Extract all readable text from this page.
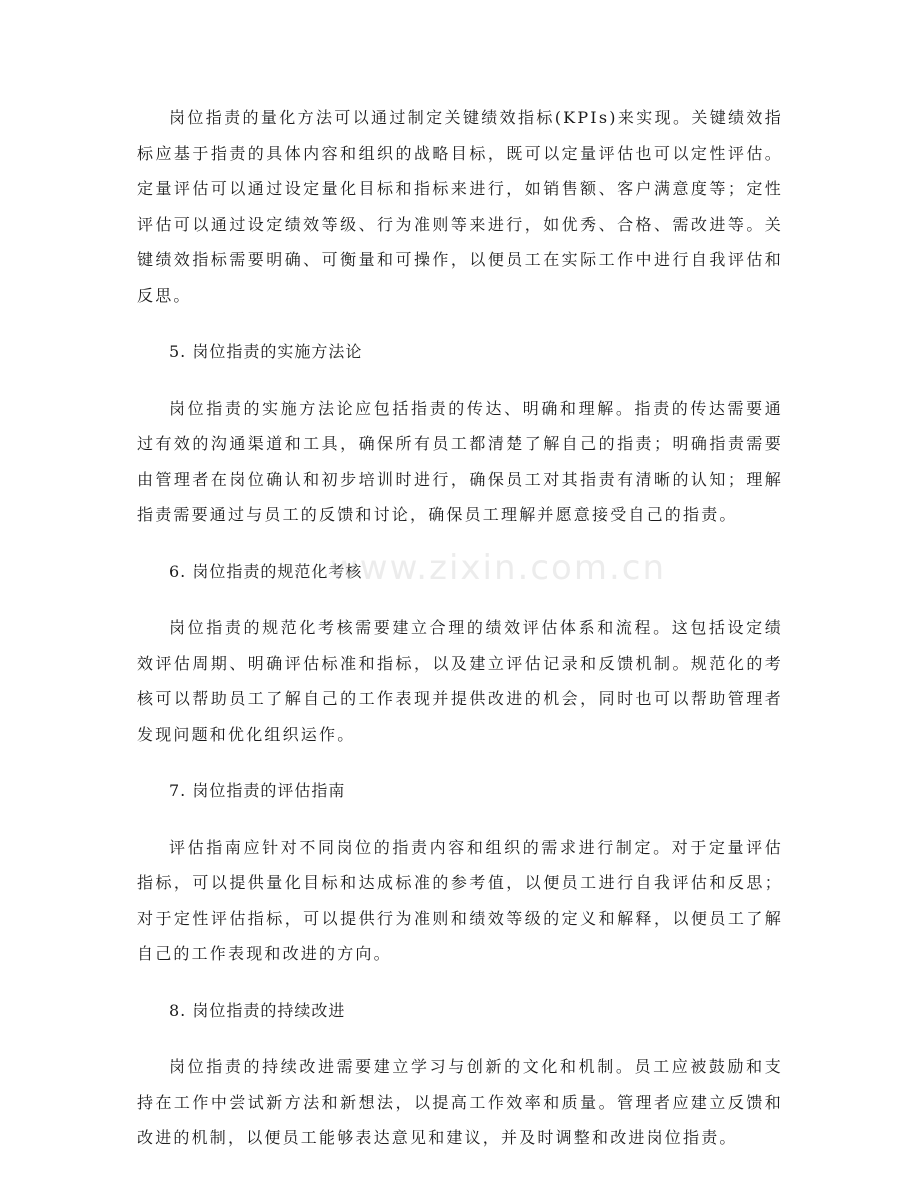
岗位指责的量化方法可以通过制定关键绩效指标(KPIs)来实现。关键绩效指标应基于指责的具体内容和组织的战略目标，既可以定量评估也可以定性评估。定量评估可以通过设定量化目标和指标来进行，如销售额、客户满意度等；定性评估可以通过设定绩效等级、行为准则等来进行，如优秀、合格、需改进等。关键绩效指标需要明确、可衡量和可操作，以便员工在实际工作中进行自我评估和反思。

5. 岗位指责的实施方法论

岗位指责的实施方法论应包括指责的传达、明确和理解。指责的传达需要通过有效的沟通渠道和工具，确保所有员工都清楚了解自己的指责；明确指责需要由管理者在岗位确认和初步培训时进行，确保员工对其指责有清晰的认知；理解指责需要通过与员工的反馈和讨论，确保员工理解并愿意接受自己的指责。

6. 岗位指责的规范化考核

岗位指责的规范化考核需要建立合理的绩效评估体系和流程。这包括设定绩效评估周期、明确评估标准和指标，以及建立评估记录和反馈机制。规范化的考核可以帮助员工了解自己的工作表现并提供改进的机会，同时也可以帮助管理者发现问题和优化组织运作。

7. 岗位指责的评估指南

评估指南应针对不同岗位的指责内容和组织的需求进行制定。对于定量评估指标，可以提供量化目标和达成标准的参考值，以便员工进行自我评估和反思；对于定性评估指标，可以提供行为准则和绩效等级的定义和解释，以便员工了解自己的工作表现和改进的方向。

8. 岗位指责的持续改进

岗位指责的持续改进需要建立学习与创新的文化和机制。员工应被鼓励和支持在工作中尝试新方法和新想法，以提高工作效率和质量。管理者应建立反馈和改进的机制，以便员工能够表达意见和建议，并及时调整和改进岗位指责。

www.zixin.com.cn
